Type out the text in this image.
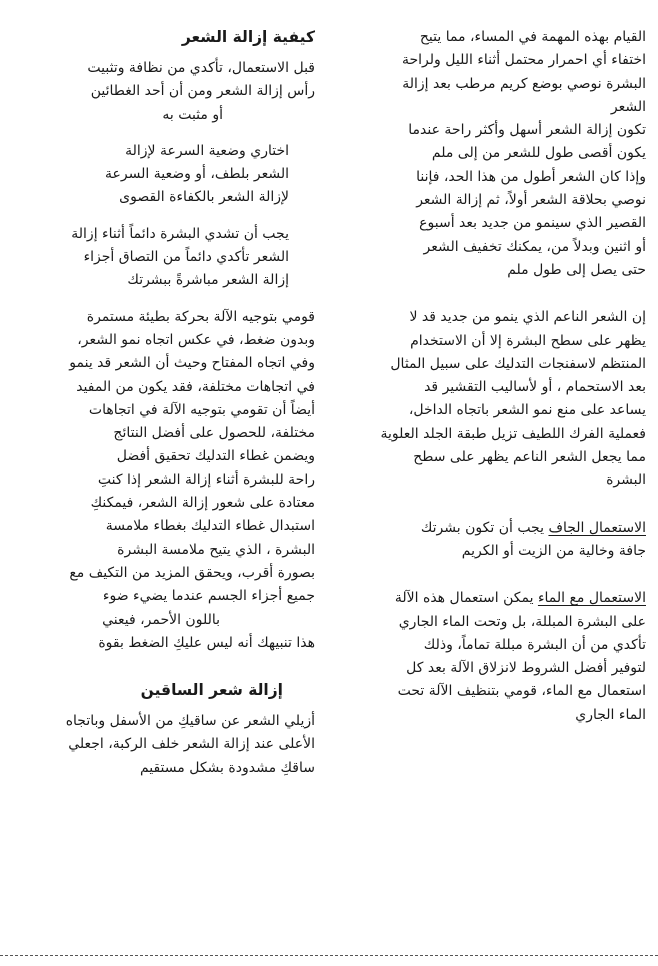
القيام بهذه المهمة في المساء، مما يتيح

اختفاء أي احمرار محتمل أثناء الليل ولراحة

البشرة نوصي بوضع كريم مرطب بعد إزالة

الشعر

تكون إزالة الشعر أسهل وأكثر راحة عندما

يكون أقصى طول للشعر من إلى ملم

وإذا كان الشعر أطول من هذا الحد، فإننا

نوصي بحلاقة الشعر أولاً، ثم إزالة الشعر

القصير الذي سينمو من جديد بعد أسبوع

أو اثنين وبدلاً من، يمكنك تخفيف الشعر

حتى يصل إلى طول ملم

إن الشعر الناعم الذي ينمو من جديد قد لا

يظهر على سطح البشرة إلا أن الاستخدام

المنتظم لاسفنجات التدليك على سبيل المثال

بعد الاستحمام ، أو لأساليب التقشير قد

يساعد على منع نمو الشعر باتجاه الداخل،

فعملية الفرك اللطيف تزيل طبقة الجلد العلوية

مما يجعل الشعر الناعم يظهر على سطح

البشرة

الاستعمال الجاف يجب أن تكون بشرتك

جافة وخالية من الزيت أو الكريم

الاستعمال مع الماء يمكن استعمال هذه الآلة

على البشرة المبللة، بل وتحت الماء الجاري

تأكدي من أن البشرة مبللة تماماً، وذلك

لتوفير أفضل الشروط لانزلاق الآلة بعد كل

استعمال مع الماء، قومي بتنظيف الآلة تحت

الماء الجاري

كيفية إزالة الشعر

قبل الاستعمال، تأكدي من نظافة وتثبيت

رأس إزالة الشعر ومن أن أحد الغطائين

أو مثبت به

اختاري وضعية السرعة لإزالة

الشعر بلطف، أو وضعية السرعة

لإزالة الشعر بالكفاءة القصوى

يجب أن تشدي البشرة دائماً أثناء إزالة

الشعر تأكدي دائماً من التصاق أجزاء

إزالة الشعر مباشرةً ببشرتك

قومي بتوجيه الآلة بحركة بطيئة مستمرة

وبدون ضغط، في عكس اتجاه نمو الشعر،

وفي اتجاه المفتاح وحيث أن الشعر قد ينمو

في اتجاهات مختلفة، فقد يكون من المفيد

أيضاً أن تقومي بتوجيه الآلة في اتجاهات

مختلفة، للحصول على أفضل النتائج

ويضمن غطاء التدليك تحقيق أفضل

راحة للبشرة أثناء إزالة الشعر إذا كنتِ

معتادة على شعور إزالة الشعر، فيمكنكِ

استبدال غطاء التدليك بغطاء ملامسة

البشرة ، الذي يتيح ملامسة البشرة

بصورة أقرب، ويحقق المزيد من التكيف مع

جميع أجزاء الجسم عندما يضيء ضوء

باللون الأحمر، فيعني

هذا تنبيهك أنه ليس عليكِ الضغط بقوة

إزالة شعر الساقين

أزيلي الشعر عن ساقيكِ من الأسفل وباتجاه

الأعلى عند إزالة الشعر خلف الركبة، اجعلي

ساقكِ مشدودة بشكل مستقيم
